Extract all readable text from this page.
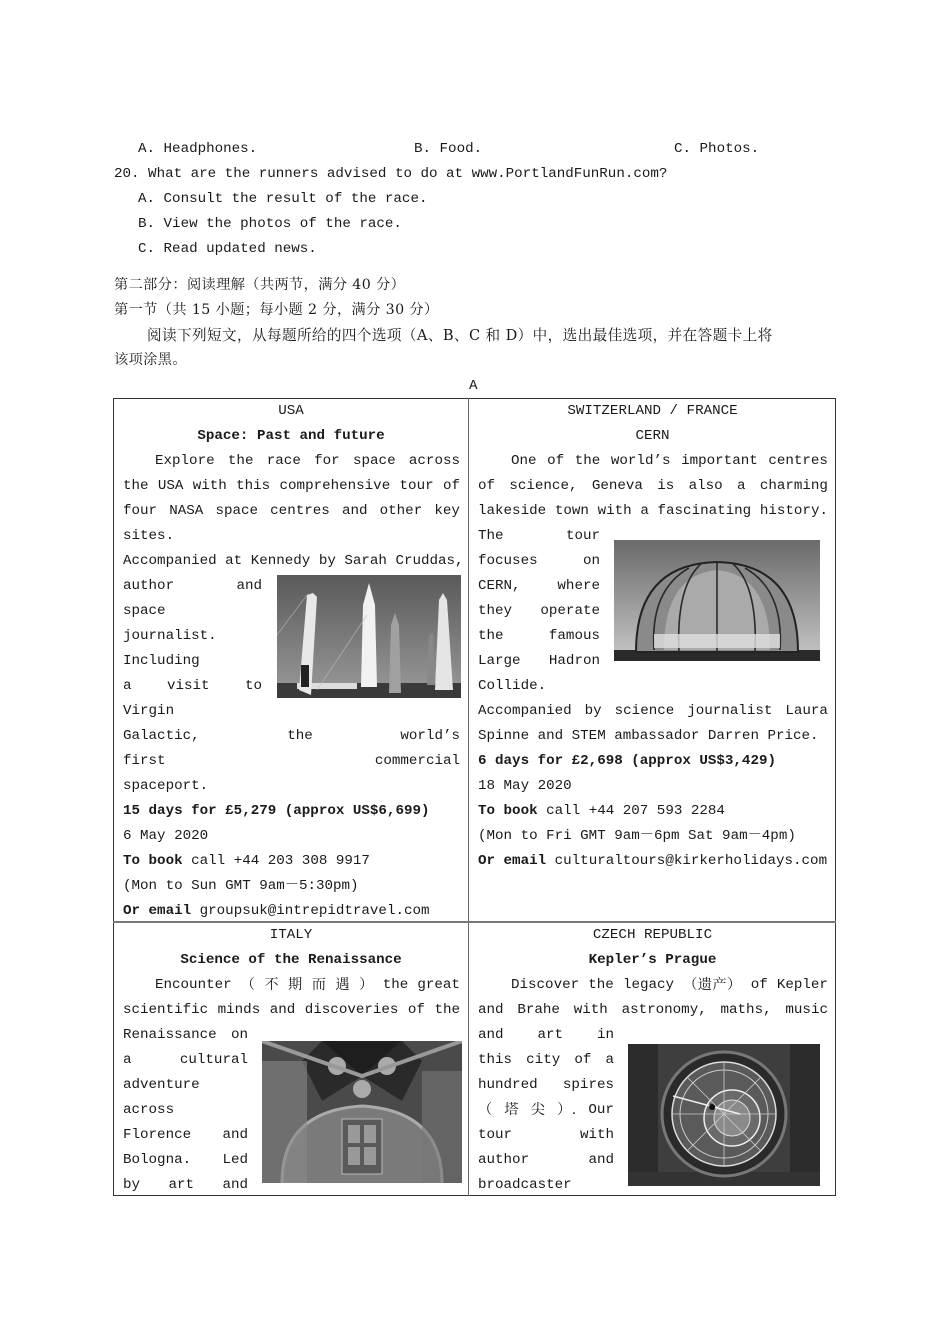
A. Headphones.	B. Food.	C. Photos.
20. What are the runners advised to do at www.PortlandFunRun.com?
A. Consult the result of the race.
B. View the photos of the race.
C. Read updated news.
第二部分：阅读理解（共两节，满分 40 分）
第一节（共 15 小题；每小题 2 分，满分 30 分）
阅读下列短文，从每题所给的四个选项（A、B、C 和 D）中，选出最佳选项，并在答题卡上将
该项涂黑。
A
USA
Space: Past and future
Explore the race for space across
the USA with this comprehensive tour of
four NASA space centres and other key
sites.
Accompanied at Kennedy by Sarah Cruddas,
author	and
space
journalist.
Including
a visit to
Virgin
Galactic,	the	world’s
first	commercial
spaceport.
15 days for £5,279 (approx US$6,699)
6 May 2020
To book call +44 203 308 9917
(Mon to Sun GMT 9am－5:30pm)
Or email groupsuk@intrepidtravel.com
SWITZERLAND / FRANCE
CERN
One of the world’s important centres
of science, Geneva is also a charming
lakeside town with a fascinating history.
The	tour
focuses	on
CERN,	where
they operate
the	famous
Large Hadron
Collide.
Accompanied by science journalist Laura
Spinne and STEM ambassador Darren Price.
6 days for £2,698 (approx US$3,429)
18 May 2020
To book call +44 207 593 2284
(Mon to Fri GMT 9am－6pm Sat 9am－4pm)
Or email culturaltours@kirkerholidays.com
ITALY
Science of the Renaissance
Encounter （ 不 期 而 遇 ） the great
scientific minds and discoveries of the
Renaissance on
a	cultural
adventure
across
Florence and
Bologna. Led
by art and
CZECH REPUBLIC
Kepler’s Prague
Discover the legacy （遗产） of Kepler
and Brahe with astronomy, maths, music
and art in
this city of a
hundred spires
（ 塔 尖 ）. Our
tour	with
author	and
broadcaster
